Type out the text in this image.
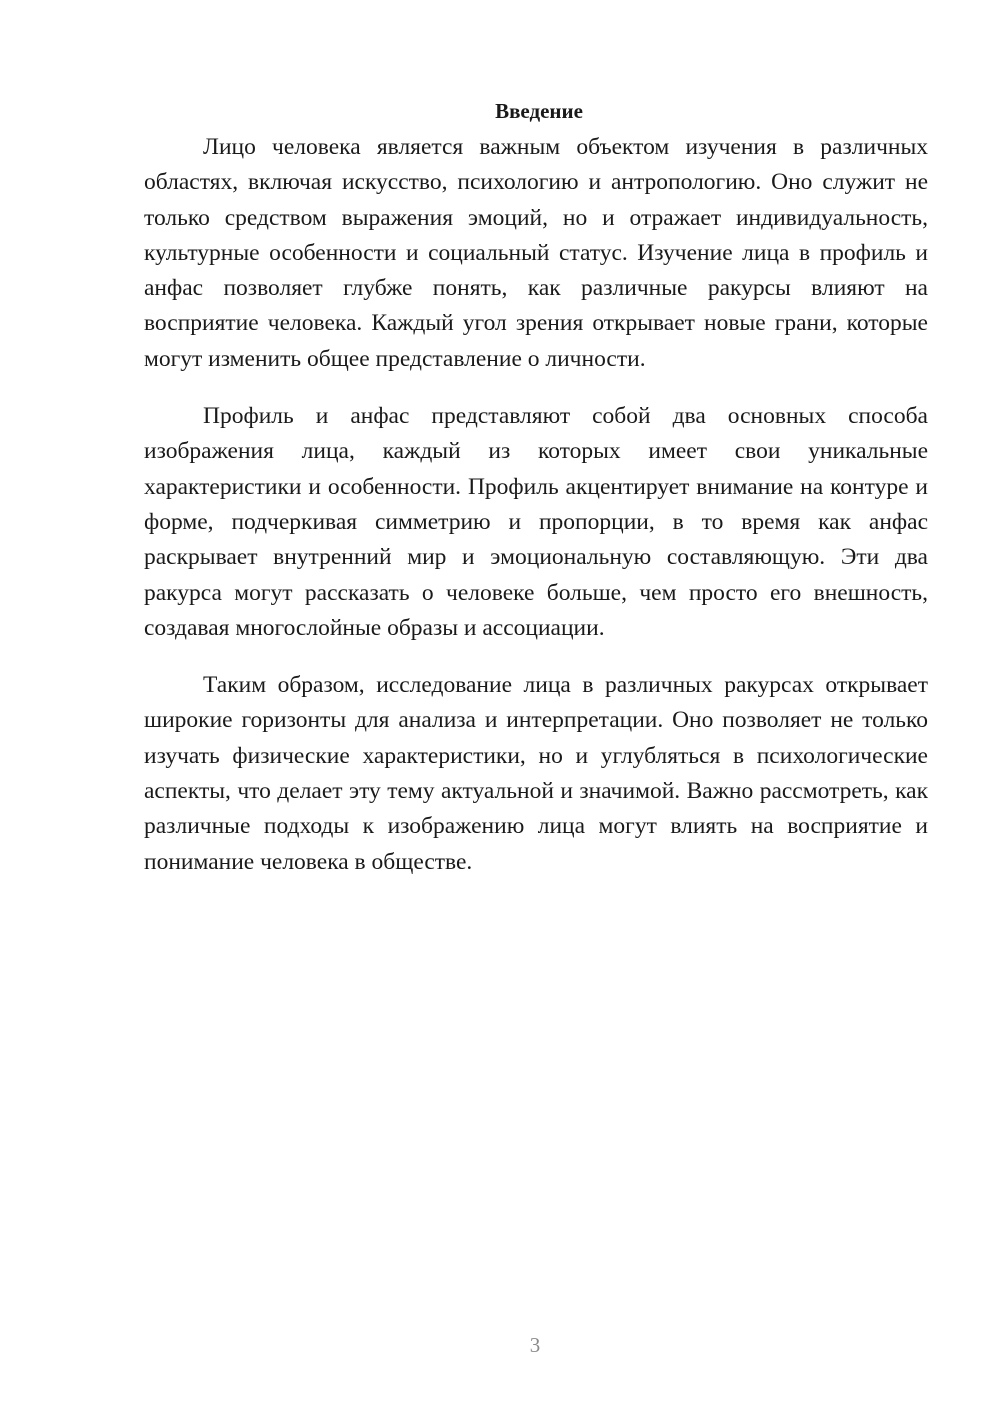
Введение

Лицо человека является важным объектом изучения в различных областях, включая искусство, психологию и антропологию. Оно служит не только средством выражения эмоций, но и отражает индивидуальность, культурные особенности и социальный статус. Изучение лица в профиль и анфас позволяет глубже понять, как различные ракурсы влияют на восприятие человека. Каждый угол зрения открывает новые грани, которые могут изменить общее представление о личности.

Профиль и анфас представляют собой два основных способа изображения лица, каждый из которых имеет свои уникальные характеристики и особенности. Профиль акцентирует внимание на контуре и форме, подчеркивая симметрию и пропорции, в то время как анфас раскрывает внутренний мир и эмоциональную составляющую. Эти два ракурса могут рассказать о человеке больше, чем просто его внешность, создавая многослойные образы и ассоциации.

Таким образом, исследование лица в различных ракурсах открывает широкие горизонты для анализа и интерпретации. Оно позволяет не только изучать физические характеристики, но и углубляться в психологические аспекты, что делает эту тему актуальной и значимой. Важно рассмотреть, как различные подходы к изображению лица могут влиять на восприятие и понимание человека в обществе.

3
